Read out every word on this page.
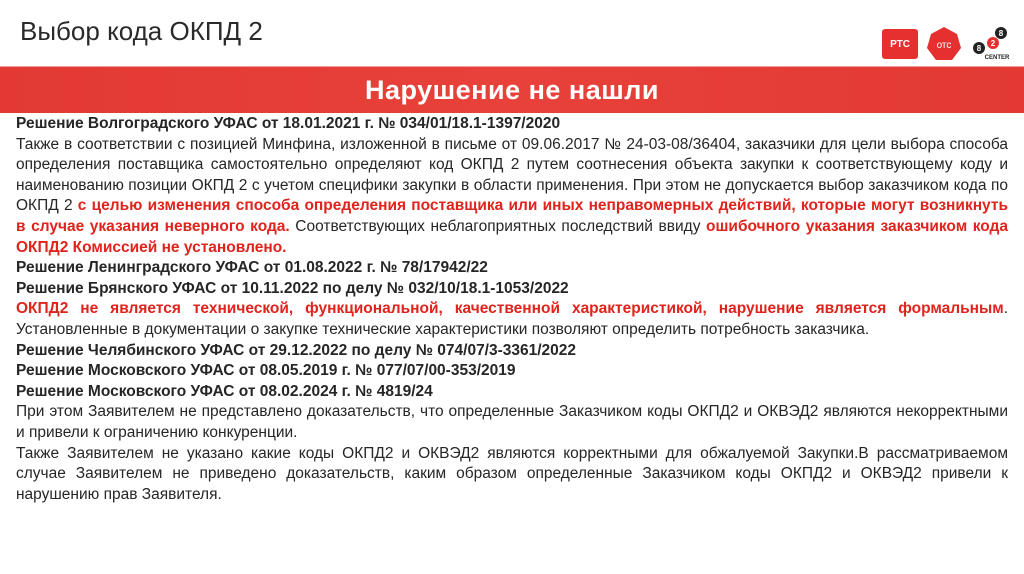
Выбор кода ОКПД 2	РТС	отс
8
2
8
CENTER
Нарушение не нашли

Решение Волгоградского УФАС от 18.01.2021 г. № 034/01/18.1-1397/2020

Также в соответствии с позицией Минфина, изложенной в письме от 09.06.2017 № 24-03-08/36404, заказчики для цели выбора способа определения поставщика самостоятельно определяют код ОКПД 2 путем соотнесения объекта закупки к соответствующему коду и наименованию позиции ОКПД 2 с учетом специфики закупки в области применения. При этом не допускается выбор заказчиком кода по ОКПД 2 с целью изменения способа определения поставщика или иных неправомерных действий, которые могут возникнуть в случае указания неверного кода. Соответствующих неблагоприятных последствий ввиду ошибочного указания заказчиком кода ОКПД2 Комиссией не установлено.

Решение Ленинградского УФАС от 01.08.2022 г. № 78/17942/22

Решение Брянского УФАС от 10.11.2022 по делу № 032/10/18.1-1053/2022

ОКПД2 не является технической, функциональной, качественной характеристикой, нарушение является формальным. Установленные в документации о закупке технические характеристики позволяют определить потребность заказчика.

Решение Челябинского УФАС от 29.12.2022 по делу № 074/07/3-3361/2022

Решение Московского УФАС от 08.05.2019 г. № 077/07/00-353/2019

Решение Московского УФАС от 08.02.2024 г. № 4819/24

При этом Заявителем не представлено доказательств, что определенные Заказчиком коды ОКПД2 и ОКВЭД2 являются некорректными и привели к ограничению конкуренции.

Также Заявителем не указано какие коды ОКПД2 и ОКВЭД2 являются корректными для обжалуемой Закупки.В рассматриваемом случае Заявителем не приведено доказательств, каким образом определенные Заказчиком коды ОКПД2 и ОКВЭД2 привели к нарушению прав Заявителя.
